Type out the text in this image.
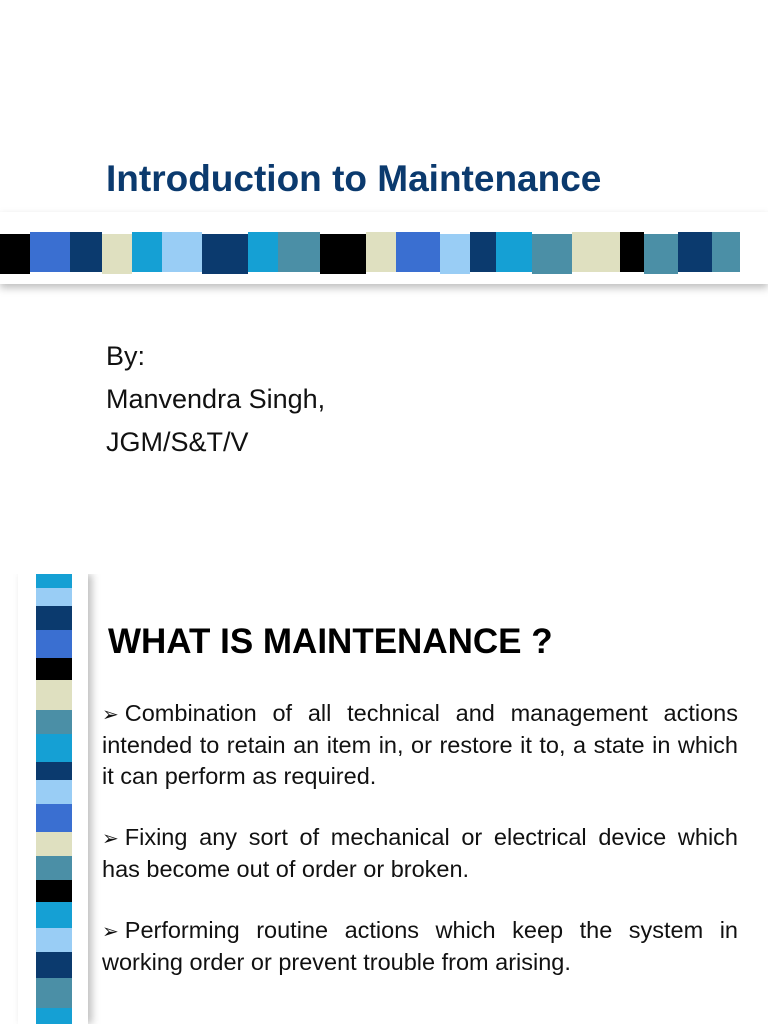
Introduction to Maintenance
By:
Manvendra Singh,
JGM/S&T/V
WHAT IS MAINTENANCE ?

➢ Combination of all technical and management actions intended to retain an item in, or restore it to, a state in which it can perform as required.

➢ Fixing any sort of mechanical or electrical device which has become out of order or broken.

➢ Performing routine actions which keep the system in working order or prevent trouble from arising.
